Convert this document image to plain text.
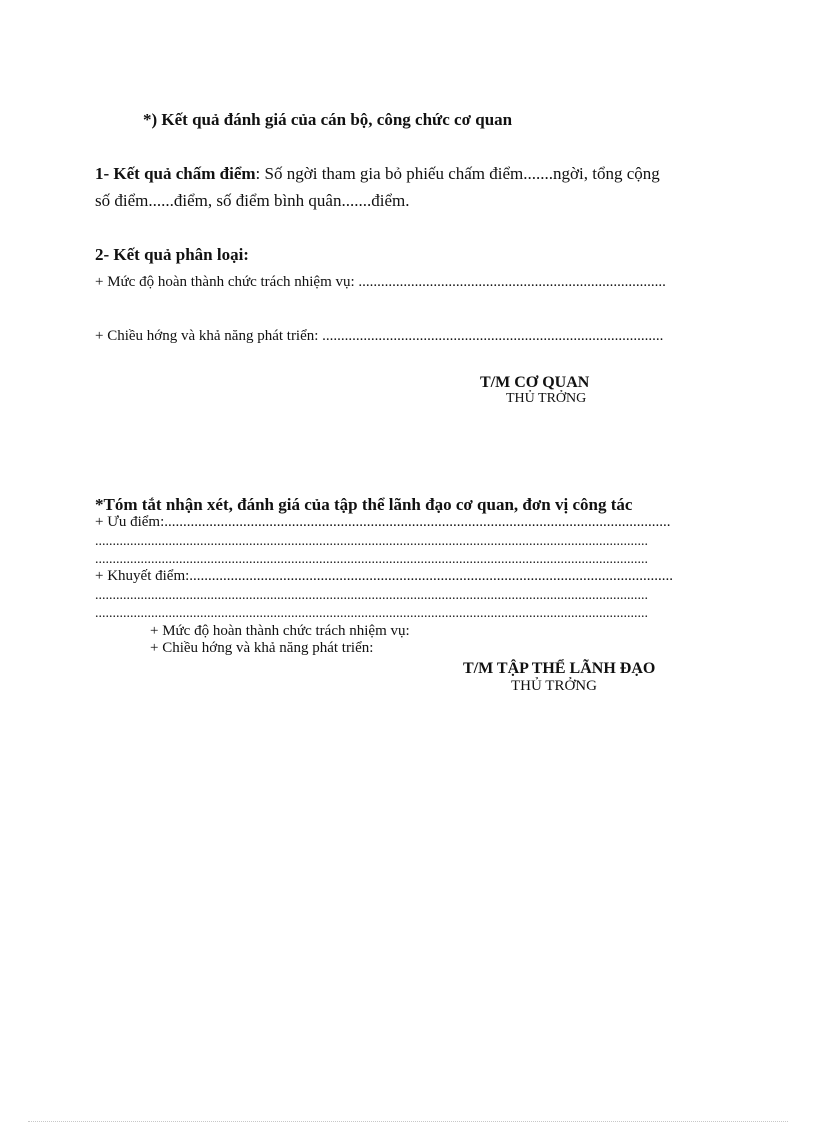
*) Kết quả đánh giá của cán bộ, công chức cơ quan
1- Kết quả chấm điểm: Số ngời tham gia bỏ phiếu chấm điểm.......ngời, tổng cộng
số điểm......điểm, số điểm bình quân.......điểm.
2- Kết quả phân loại:
+ Mức độ hoàn thành chức trách nhiệm vụ: ..................................................................................
+ Chiều hớng và khả năng phát triển: ...........................................................................................
T/M CƠ QUAN
THỦ TRỞNG
*Tóm tắt nhận xét, đánh giá của tập thể lãnh đạo cơ quan, đơn vị công tác
+ Ưu điểm:.......................................................................................................................................
..............................................................................................................................................................
..............................................................................................................................................................
+ Khuyết điểm:.................................................................................................................................
..............................................................................................................................................................
..............................................................................................................................................................
+ Mức độ hoàn thành chức trách nhiệm vụ:
+ Chiều hớng và khả năng phát triển:
T/M TẬP THỂ LÃNH ĐẠO
THỦ TRỞNG
